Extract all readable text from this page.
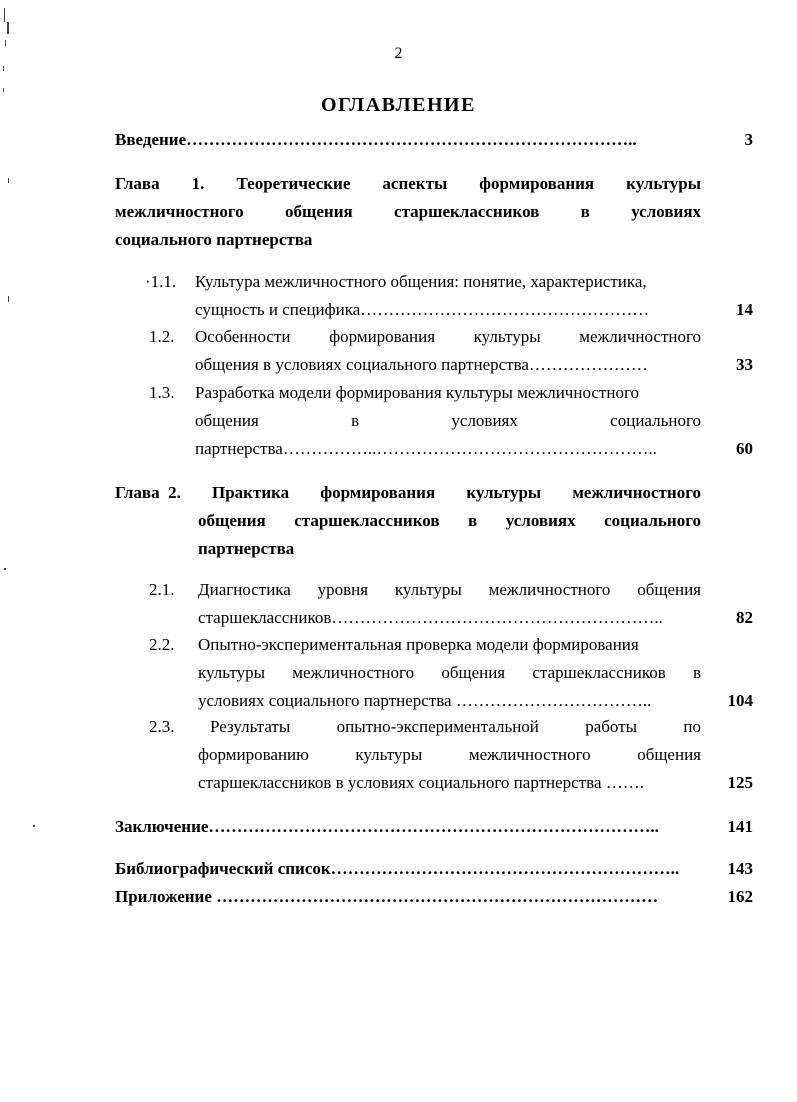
2
ОГЛАВЛЕНИЕ
Введение……………………………………………………………………..	3
Глава 1. Теоретические аспекты формирования культуры
межличностного общения старшеклассников в условиях
социального партнерства
·1.1. Культура межличностного общения: понятие, характеристика,
сущность и специфика……………………………………………	14
1.2. Особенности формирования культуры межличностного
общения в условиях социального партнерства…………………	33
1.3. Разработка модели формирования культуры межличностного
общения	в	условиях	социального
партнерства……………..…………………………………………..	60
Глава 2.	Практика формирования культуры межличностного
общения старшеклассников в условиях социального
партнерства
2.1. Диагностика уровня культуры межличностного общения
старшеклассников…………………………………………………..	82
2.2. Опытно-экспериментальная проверка модели формирования
культуры межличностного общения старшеклассников в
условиях социального партнерства ……………………………..	104
2.3. Результаты	опытно-экспериментальной	работы	по
формированию	культуры	межличностного	общения
старшеклассников в условиях социального партнерства …….	125
Заключение……………………………………………………………………..	141
Библиографический список……………………………………………………..	143
Приложение ……………………………………………………………………	162
